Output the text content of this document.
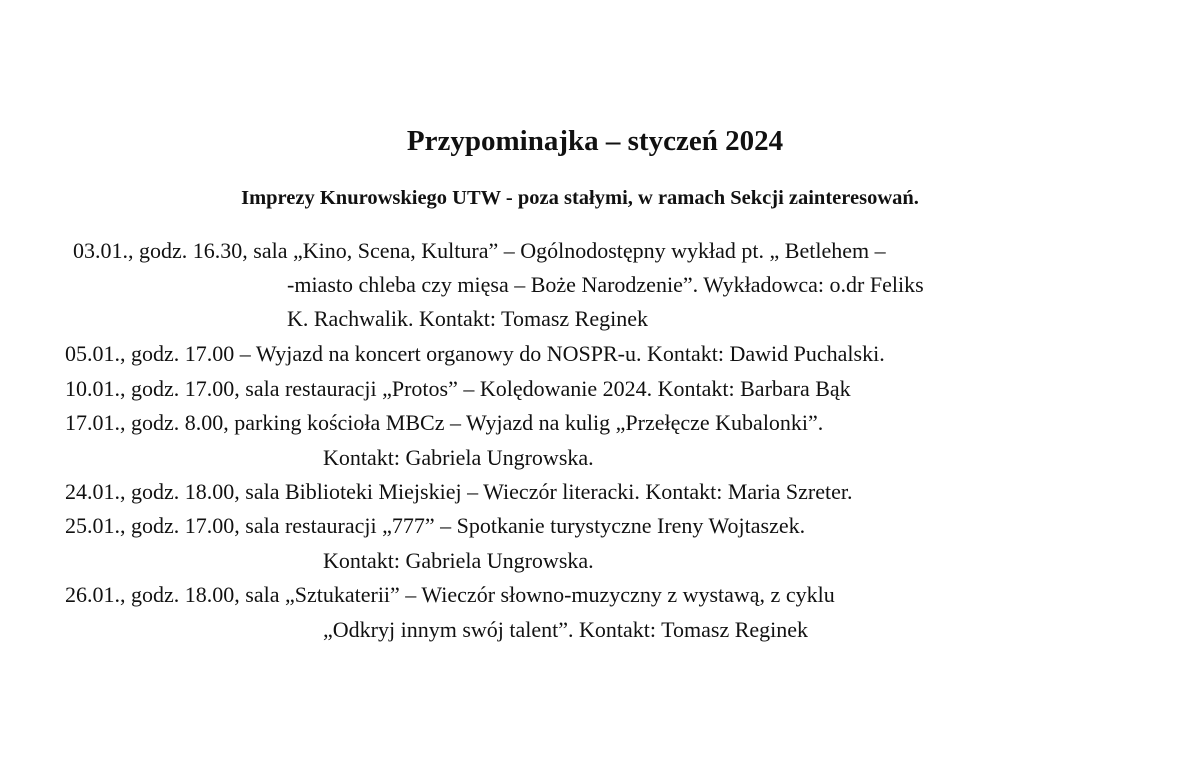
Przypominajka – styczeń 2024
Imprezy Knurowskiego UTW - poza stałymi, w ramach Sekcji zainteresowań.
03.01., godz. 16.30, sala „Kino, Scena, Kultura” – Ogólnodostępny wykład pt. „ Betlehem –
-miasto chleba czy mięsa – Boże Narodzenie”. Wykładowca: o.dr Feliks
K. Rachwalik. Kontakt: Tomasz Reginek
05.01., godz. 17.00 – Wyjazd na koncert organowy do NOSPR-u. Kontakt: Dawid Puchalski.
10.01., godz. 17.00, sala restauracji „Protos” – Kolędowanie 2024. Kontakt: Barbara Bąk
17.01., godz. 8.00, parking kościoła MBCz – Wyjazd na kulig „Przełęcze Kubalonki”.
Kontakt: Gabriela Ungrowska.
24.01., godz. 18.00, sala Biblioteki Miejskiej – Wieczór literacki. Kontakt: Maria Szreter.
25.01., godz. 17.00, sala restauracji „777” – Spotkanie turystyczne Ireny Wojtaszek.
Kontakt: Gabriela Ungrowska.
26.01., godz. 18.00, sala „Sztukaterii” – Wieczór słowno-muzyczny z wystawą, z cyklu
„Odkryj innym swój talent”. Kontakt: Tomasz Reginek
